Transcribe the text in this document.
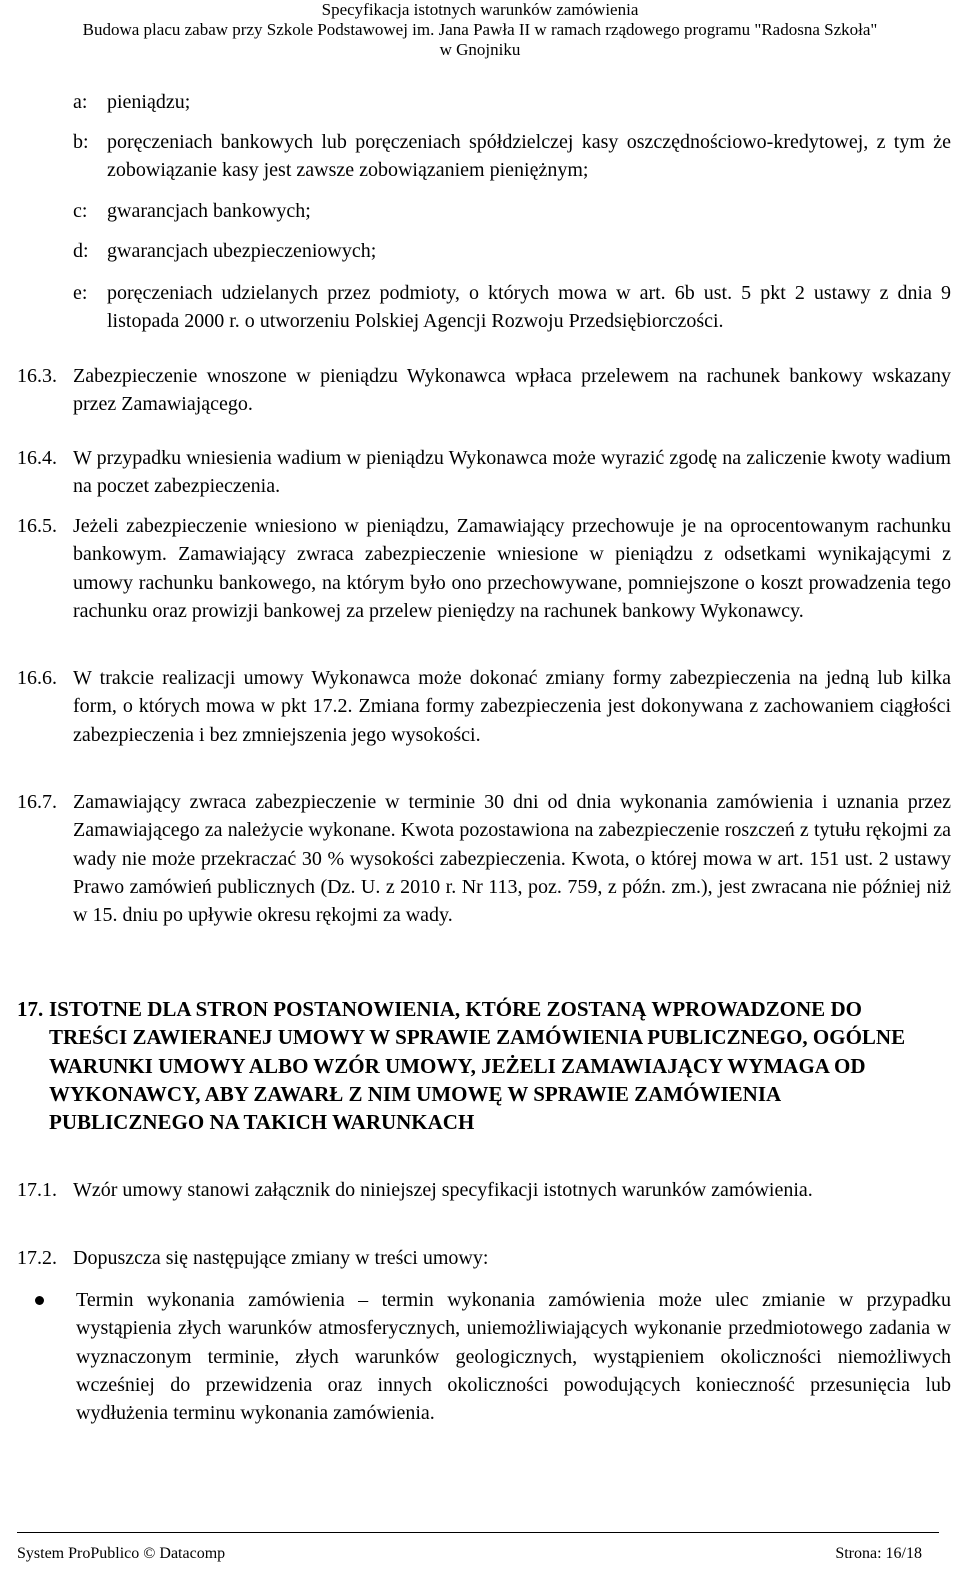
Specyfikacja istotnych warunków zamówienia
Budowa placu zabaw przy Szkole Podstawowej im. Jana Pawła II w ramach rządowego programu "Radosna Szkoła"
w Gnojniku
a: pieniądzu;
b: poręczeniach bankowych lub poręczeniach spółdzielczej kasy oszczędnościowo-kredytowej, z tym że zobowiązanie kasy jest zawsze zobowiązaniem pieniężnym;
c: gwarancjach bankowych;
d: gwarancjach ubezpieczeniowych;
e: poręczeniach udzielanych przez podmioty, o których mowa w art. 6b ust. 5 pkt 2 ustawy z dnia 9 listopada 2000 r. o utworzeniu Polskiej Agencji Rozwoju Przedsiębiorczości.
16.3. Zabezpieczenie wnoszone w pieniądzu Wykonawca wpłaca przelewem na rachunek bankowy wskazany przez Zamawiającego.
16.4. W przypadku wniesienia wadium w pieniądzu Wykonawca może wyrazić zgodę na zaliczenie kwoty wadium na poczet zabezpieczenia.
16.5. Jeżeli zabezpieczenie wniesiono w pieniądzu, Zamawiający przechowuje je na oprocentowanym rachunku bankowym. Zamawiający zwraca zabezpieczenie wniesione w pieniądzu z odsetkami wynikającymi z umowy rachunku bankowego, na którym było ono przechowywane, pomniejszone o koszt prowadzenia tego rachunku oraz prowizji bankowej za przelew pieniędzy na rachunek bankowy Wykonawcy.
16.6. W trakcie realizacji umowy Wykonawca może dokonać zmiany formy zabezpieczenia na jedną lub kilka form, o których mowa w pkt 17.2. Zmiana formy zabezpieczenia jest dokonywana z zachowaniem ciągłości zabezpieczenia i bez zmniejszenia jego wysokości.
16.7. Zamawiający zwraca zabezpieczenie w terminie 30 dni od dnia wykonania zamówienia i uznania przez Zamawiającego za należycie wykonane. Kwota pozostawiona na zabezpieczenie roszczeń z tytułu rękojmi za wady nie może przekraczać 30 % wysokości zabezpieczenia. Kwota, o której mowa w art. 151 ust. 2 ustawy Prawo zamówień publicznych (Dz. U. z 2010 r. Nr 113, poz. 759, z późn. zm.), jest zwracana nie później niż w 15. dniu po upływie okresu rękojmi za wady.
17. ISTOTNE DLA STRON POSTANOWIENIA, KTÓRE ZOSTANĄ WPROWADZONE DO TREŚCI ZAWIERANEJ UMOWY W SPRAWIE ZAMÓWIENIA PUBLICZNEGO, OGÓLNE WARUNKI UMOWY ALBO WZÓR UMOWY, JEŻELI ZAMAWIAJĄCY WYMAGA OD WYKONAWCY, ABY ZAWARŁ Z NIM UMOWĘ W SPRAWIE ZAMÓWIENIA PUBLICZNEGO NA TAKICH WARUNKACH
17.1. Wzór umowy stanowi załącznik do niniejszej specyfikacji istotnych warunków zamówienia.
17.2. Dopuszcza się następujące zmiany w treści umowy:
Termin wykonania zamówienia – termin wykonania zamówienia może ulec zmianie w przypadku wystąpienia złych warunków atmosferycznych, uniemożliwiających wykonanie przedmiotowego zadania w wyznaczonym terminie, złych warunków geologicznych, wystąpieniem okoliczności niemożliwych wcześniej do przewidzenia oraz innych okoliczności powodujących konieczność przesunięcia lub wydłużenia terminu wykonania zamówienia.
System ProPublico © Datacomp	Strona: 16/18
